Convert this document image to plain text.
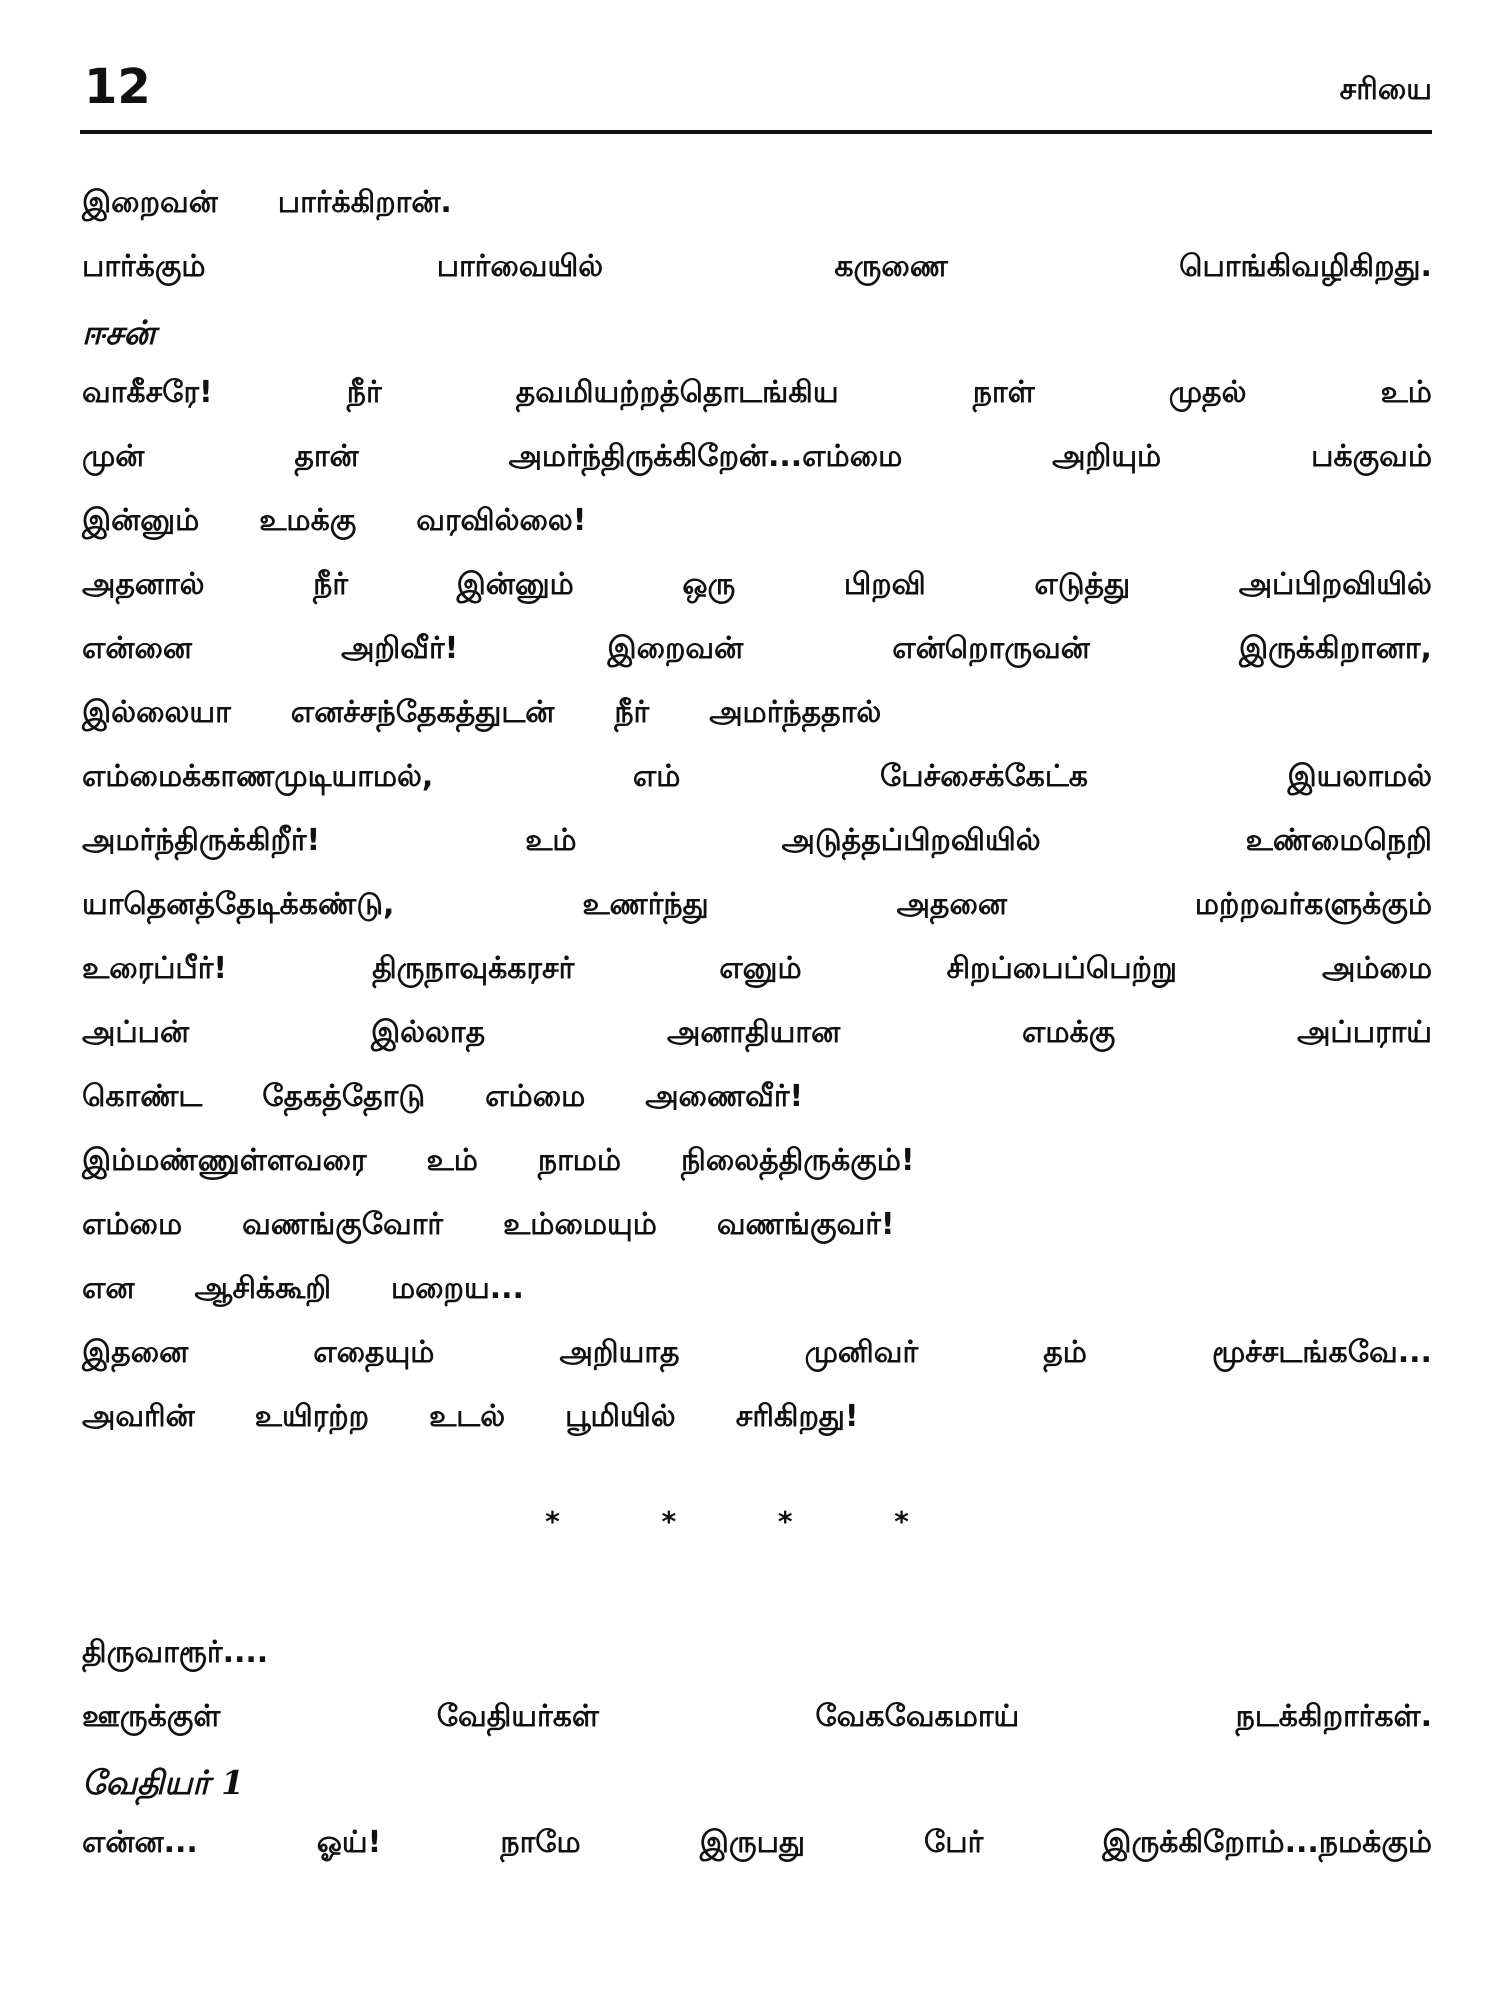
12	சரியை
இறைவன் பார்க்கிறான்.
பார்க்கும்	பார்வையில்	கருணை	பொங்கிவழிகிறது.
ஈசன்
வாகீசரே!	நீர்	தவமியற்றத்தொடங்கிய	நாள்	முதல்	உம்
முன்	தான்	அமர்ந்திருக்கிறேன்...எம்மை	அறியும்	பக்குவம்
இன்னும் உமக்கு வரவில்லை!
அதனால்	நீர்	இன்னும்	ஒரு	பிறவி	எடுத்து	அப்பிறவியில்
என்னை	அறிவீர்!	இறைவன்	என்றொருவன்	இருக்கிறானா,
இல்லையா எனச்சந்தேகத்துடன் நீர் அமர்ந்ததால்
எம்மைக்காணமுடியாமல்,	எம்	பேச்சைக்கேட்க	இயலாமல்
அமர்ந்திருக்கிறீர்!	உம்	அடுத்தப்பிறவியில்	உண்மைநெறி
யாதெனத்தேடிக்கண்டு,	உணர்ந்து	அதனை	மற்றவர்களுக்கும்
உரைப்பீர்!	திருநாவுக்கரசர்	எனும்	சிறப்பைப்பெற்று	அம்மை
அப்பன்	இல்லாத	அனாதியான	எமக்கு	அப்பராய்
கொண்ட தேகத்தோடு எம்மை அணைவீர்!
இம்மண்ணுள்ளவரை உம் நாமம் நிலைத்திருக்கும்!
எம்மை வணங்குவோர் உம்மையும் வணங்குவர்!
என ஆசிக்கூறி மறைய...
இதனை	எதையும்	அறியாத	முனிவர்	தம்	மூச்சடங்கவே...
அவரின் உயிரற்ற உடல் பூமியில் சரிகிறது!
* * * *
திருவாரூர்....
ஊருக்குள்	வேதியர்கள்	வேகவேகமாய்	நடக்கிறார்கள்.
வேதியர் 1
என்ன...	ஓய்!	நாமே	இருபது	பேர்	இருக்கிறோம்...நமக்கும்
